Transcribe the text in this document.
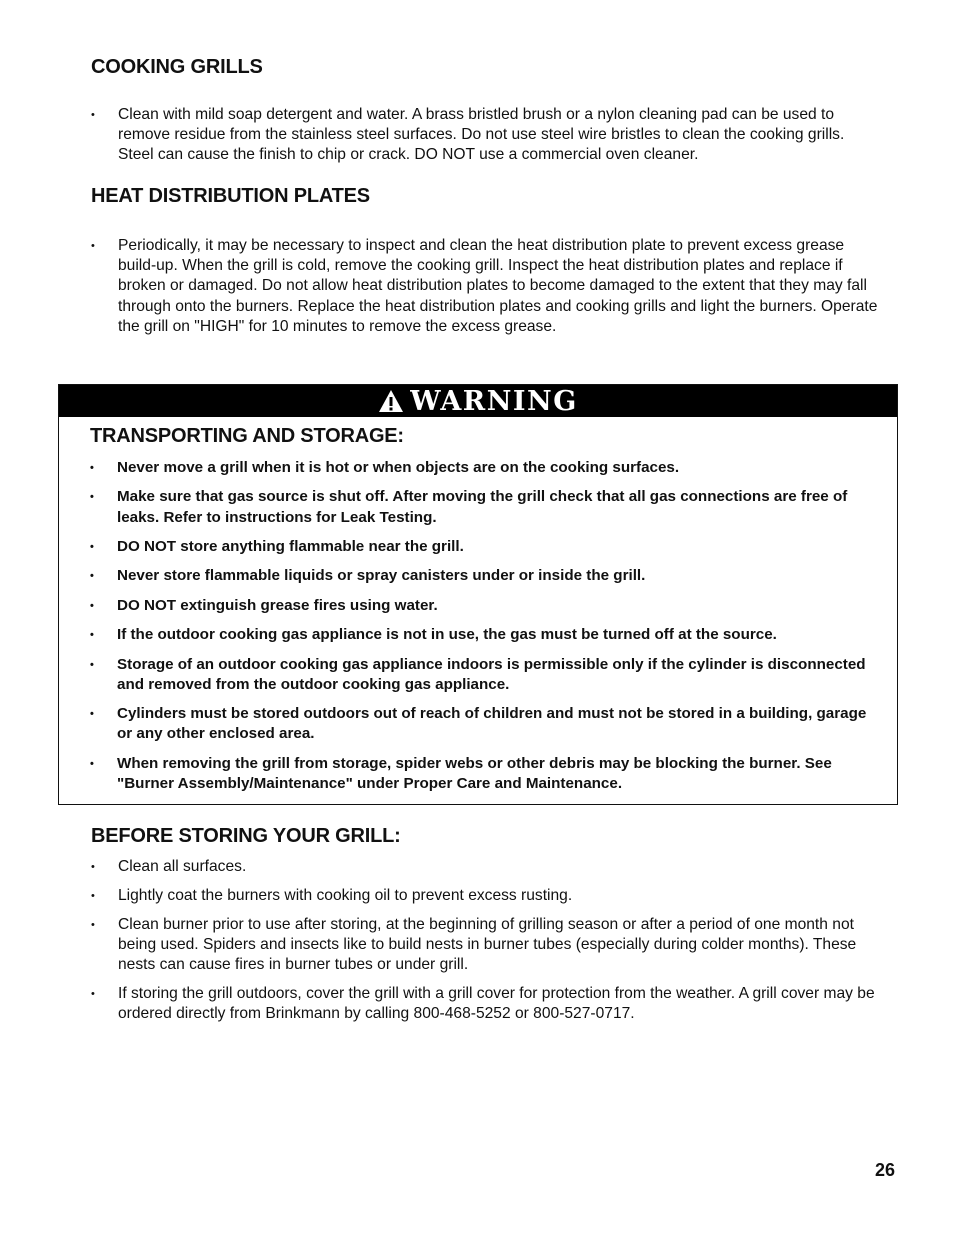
COOKING GRILLS
• Clean with mild soap detergent and water. A brass bristled brush or a nylon cleaning pad can be used to remove residue from the stainless steel surfaces. Do not use steel wire bristles to clean the cooking grills. Steel can cause the finish to chip or crack. DO NOT use a commercial oven cleaner.
HEAT DISTRIBUTION PLATES
• Periodically, it may be necessary to inspect and clean the heat distribution plate to prevent excess grease build-up. When the grill is cold, remove the cooking grill. Inspect the heat distribution plates and replace if broken or damaged. Do not allow heat distribution plates to become damaged to the extent that they may fall through onto the burners. Replace the heat distribution plates and cooking grills and light the burners. Operate the grill on "HIGH" for 10 minutes to remove the excess grease.
WARNING
TRANSPORTING AND STORAGE:
• Never move a grill when it is hot or when objects are on the cooking surfaces.
• Make sure that gas source is shut off. After moving the grill check that all gas connections are free of leaks. Refer to instructions for Leak Testing.
• DO NOT store anything flammable near the grill.
• Never store flammable liquids or spray canisters under or inside the grill.
• DO NOT extinguish grease fires using water.
• If the outdoor cooking gas appliance is not in use, the gas must be turned off at the source.
• Storage of an outdoor cooking gas appliance indoors is permissible only if the cylinder is disconnected and removed from the outdoor cooking gas appliance.
• Cylinders must be stored outdoors out of reach of children and must not be stored in a building, garage or any other enclosed area.
• When removing the grill from storage, spider webs or other debris may be blocking the burner. See "Burner Assembly/Maintenance" under Proper Care and Maintenance.
BEFORE STORING YOUR GRILL:
• Clean all surfaces.
• Lightly coat the burners with cooking oil to prevent excess rusting.
• Clean burner prior to use after storing, at the beginning of grilling season or after a period of one month not being used. Spiders and insects like to build nests in burner tubes (especially during colder months). These nests can cause fires in burner tubes or under grill.
• If storing the grill outdoors, cover the grill with a grill cover for protection from the weather. A grill cover may be ordered directly from Brinkmann by calling 800-468-5252 or 800-527-0717.
26
